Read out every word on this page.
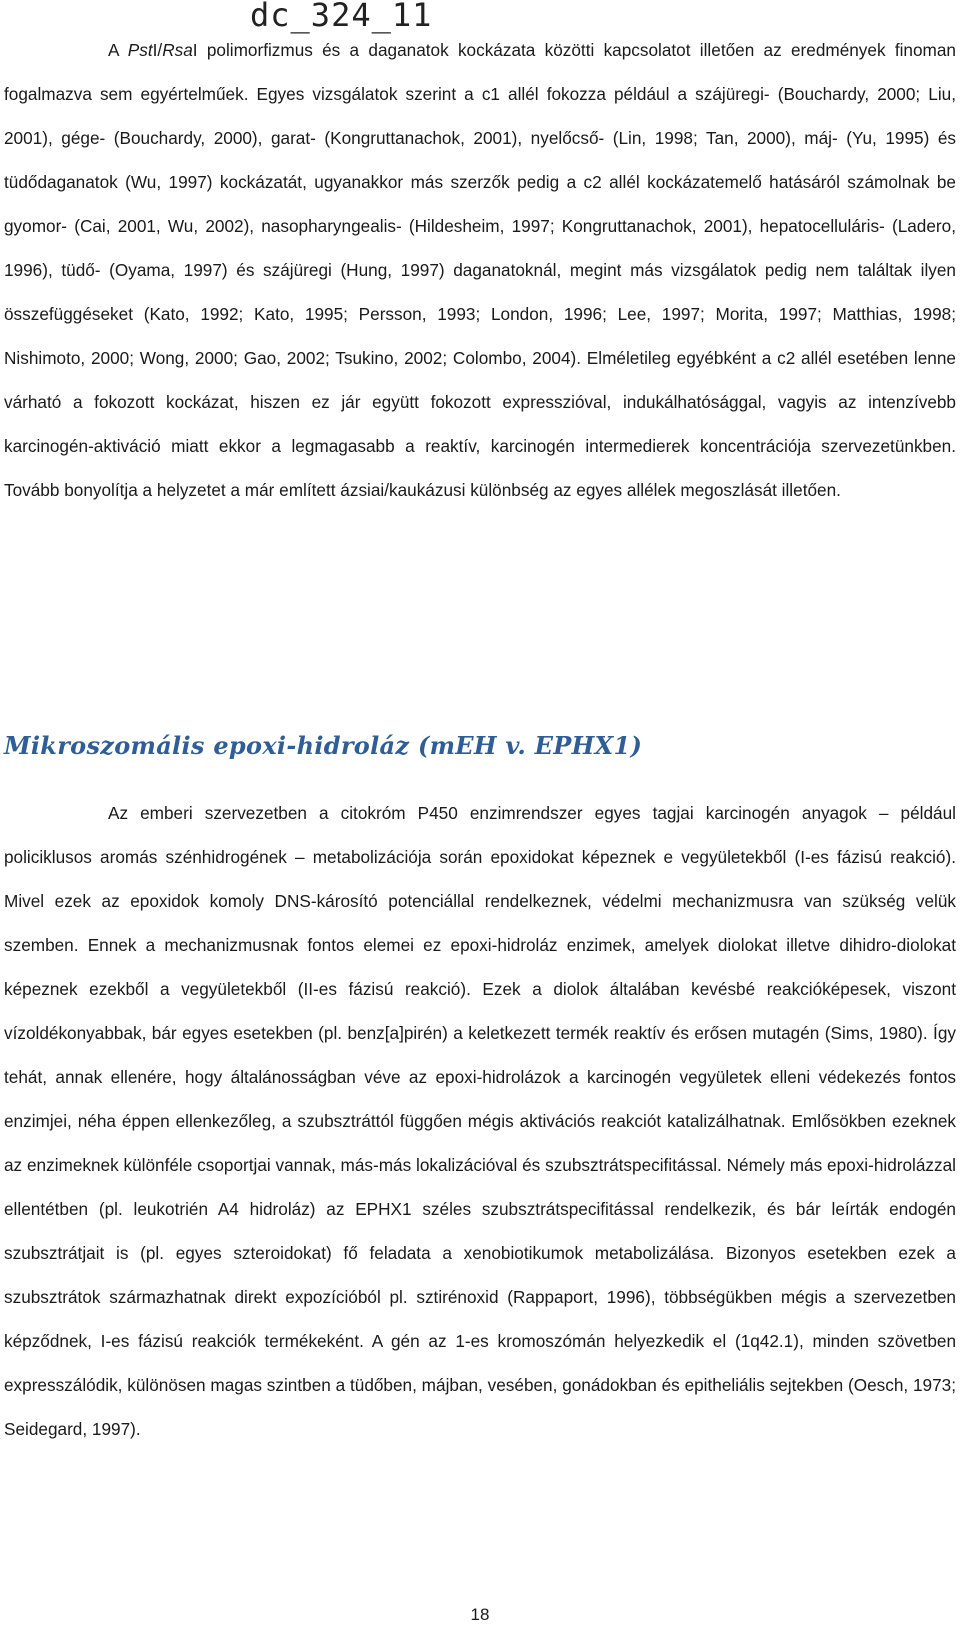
dc_324_11

A PstI/RsaI polimorfizmus és a daganatok kockázata közötti kapcsolatot illetően az eredmények finoman fogalmazva sem egyértelműek. Egyes vizsgálatok szerint a c1 allél fokozza például a szájüregi- (Bouchardy, 2000; Liu, 2001), gége- (Bouchardy, 2000), garat- (Kongruttanachok, 2001), nyelőcső- (Lin, 1998; Tan, 2000), máj- (Yu, 1995) és tüdődaganatok (Wu, 1997) kockázatát, ugyanakkor más szerzők pedig a c2 allél kockázatemelő hatásáról számolnak be gyomor- (Cai, 2001, Wu, 2002), nasopharyngealis- (Hildesheim, 1997; Kongruttanachok, 2001), hepatocelluláris- (Ladero, 1996), tüdő- (Oyama, 1997) és szájüregi (Hung, 1997) daganatoknál, megint más vizsgálatok pedig nem találtak ilyen összefüggéseket (Kato, 1992; Kato, 1995; Persson, 1993; London, 1996; Lee, 1997; Morita, 1997; Matthias, 1998; Nishimoto, 2000; Wong, 2000; Gao, 2002; Tsukino, 2002; Colombo, 2004). Elméletileg egyébként a c2 allél esetében lenne várható a fokozott kockázat, hiszen ez jár együtt fokozott expresszióval, indukálhatósággal, vagyis az intenzívebb karcinogén-aktiváció miatt ekkor a legmagasabb a reaktív, karcinogén intermedierek koncentrációja szervezetünkben. Tovább bonyolítja a helyzetet a már említett ázsiai/kaukázusi különbség az egyes allélek megoszlását illetően.

Mikroszomális epoxi-hidroláz (mEH v. EPHX1)

Az emberi szervezetben a citokróm P450 enzimrendszer egyes tagjai karcinogén anyagok – például policiklusos aromás szénhidrogének – metabolizációja során epoxidokat képeznek e vegyületekből (I-es fázisú reakció). Mivel ezek az epoxidok komoly DNS-károsító potenciállal rendelkeznek, védelmi mechanizmusra van szükség velük szemben. Ennek a mechanizmusnak fontos elemei ez epoxi-hidroláz enzimek, amelyek diolokat illetve dihidro-diolokat képeznek ezekből a vegyületekből (II-es fázisú reakció). Ezek a diolok általában kevésbé reakcióképesek, viszont vízoldékonyabbak, bár egyes esetekben (pl. benz[a]pirén) a keletkezett termék reaktív és erősen mutagén (Sims, 1980). Így tehát, annak ellenére, hogy általánosságban véve az epoxi-hidrolázok a karcinogén vegyületek elleni védekezés fontos enzimjei, néha éppen ellenkezőleg, a szubsztráttól függően mégis aktivációs reakciót katalizálhatnak. Emlősökben ezeknek az enzimeknek különféle csoportjai vannak, más-más lokalizációval és szubsztrátspecifitással. Némely más epoxi-hidrolázzal ellentétben (pl. leukotrién A4 hidroláz) az EPHX1 széles szubsztrátspecifitással rendelkezik, és bár leírták endogén szubsztrátjait is (pl. egyes szteroidokat) fő feladata a xenobiotikumok metabolizálása. Bizonyos esetekben ezek a szubsztrátok származhatnak direkt expozícióból pl. sztirénoxid (Rappaport, 1996), többségükben mégis a szervezetben képződnek, I-es fázisú reakciók termékeként. A gén az 1-es kromoszómán helyezkedik el (1q42.1), minden szövetben expresszálódik, különösen magas szintben a tüdőben, májban, vesében, gonádokban és epitheliális sejtekben (Oesch, 1973; Seidegard, 1997).

18
